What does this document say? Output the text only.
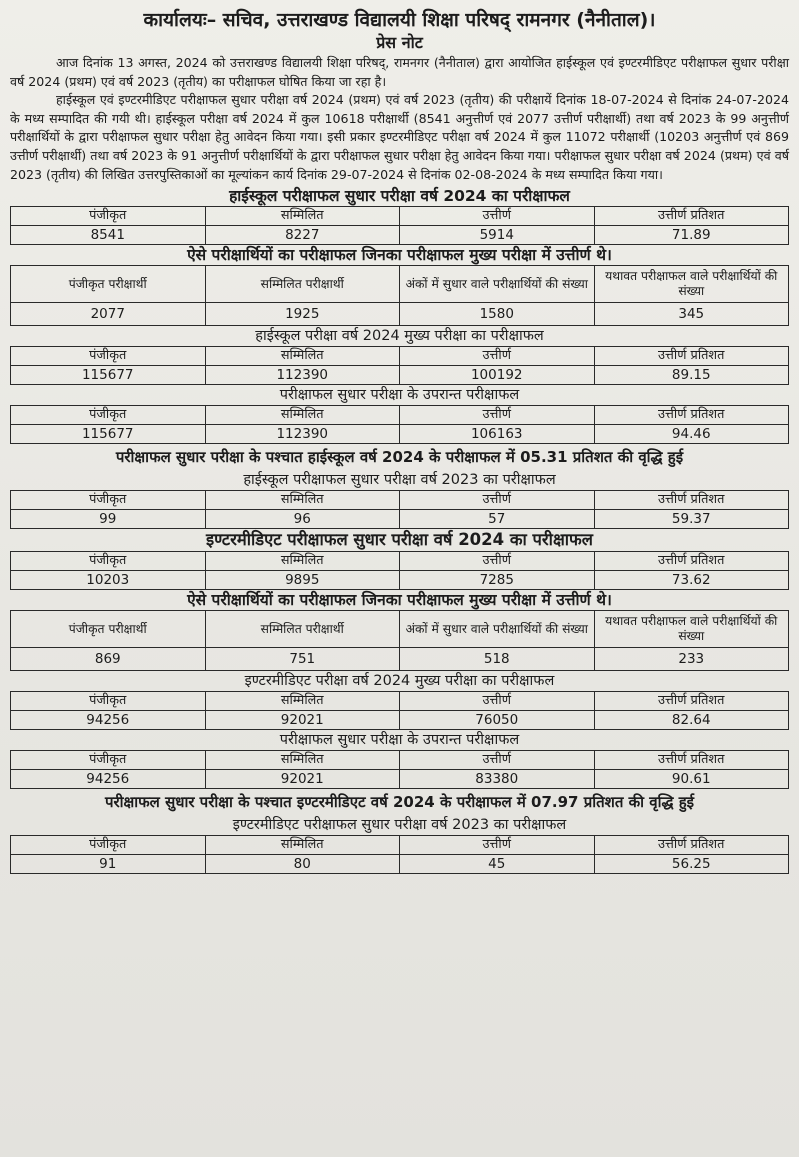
कार्यालयः– सचिव, उत्तराखण्ड विद्यालयी शिक्षा परिषद् रामनगर (नैनीताल)।

प्रेस नोट

आज दिनांक 13 अगस्त, 2024 को उत्तराखण्ड विद्यालयी शिक्षा परिषद्, रामनगर (नैनीताल) द्वारा आयोजित हाईस्कूल एवं इण्टरमीडिएट परीक्षाफल सुधार परीक्षा वर्ष 2024 (प्रथम) एवं वर्ष 2023 (तृतीय) का परीक्षाफल घोषित किया जा रहा है।

हाईस्कूल एवं इण्टरमीडिएट परीक्षाफल सुधार परीक्षा वर्ष 2024 (प्रथम) एवं वर्ष 2023 (तृतीय) की परीक्षायें दिनांक 18-07-2024 से दिनांक 24-07-2024 के मध्य सम्पादित की गयी थी। हाईस्कूल परीक्षा वर्ष 2024 में कुल 10618 परीक्षार्थी (8541 अनुत्तीर्ण एवं 2077 उत्तीर्ण परीक्षार्थी) तथा वर्ष 2023 के 99 अनुत्तीर्ण परीक्षार्थियों के द्वारा परीक्षाफल सुधार परीक्षा हेतु आवेदन किया गया। इसी प्रकार इण्टरमीडिएट परीक्षा वर्ष 2024 में कुल 11072 परीक्षार्थी (10203 अनुत्तीर्ण एवं 869 उत्तीर्ण परीक्षार्थी) तथा वर्ष 2023 के 91 अनुत्तीर्ण परीक्षार्थियों के द्वारा परीक्षाफल सुधार परीक्षा हेतु आवेदन किया गया। परीक्षाफल सुधार परीक्षा वर्ष 2024 (प्रथम) एवं वर्ष 2023 (तृतीय) की लिखित उत्तरपुस्तिकाओं का मूल्यांकन कार्य दिनांक 29-07-2024 से दिनांक 02-08-2024 के मध्य सम्पादित किया गया।

हाईस्कूल परीक्षाफल सुधार परीक्षा वर्ष 2024 का परीक्षाफल

पंजीकृत	सम्मिलित	उत्तीर्ण	उत्तीर्ण प्रतिशत
8541	8227	5914	71.89

ऐसे परीक्षार्थियों का परीक्षाफल जिनका परीक्षाफल मुख्य परीक्षा में उत्तीर्ण थे।

पंजीकृत परीक्षार्थी	सम्मिलित परीक्षार्थी	अंकों में सुधार वाले परीक्षार्थियों की संख्या	यथावत परीक्षाफल वाले परीक्षार्थियों की संख्या
2077	1925	1580	345

हाईस्कूल परीक्षा वर्ष 2024 मुख्य परीक्षा का परीक्षाफल

पंजीकृत	सम्मिलित	उत्तीर्ण	उत्तीर्ण प्रतिशत
115677	112390	100192	89.15

परीक्षाफल सुधार परीक्षा के उपरान्त परीक्षाफल

पंजीकृत	सम्मिलित	उत्तीर्ण	उत्तीर्ण प्रतिशत
115677	112390	106163	94.46

परीक्षाफल सुधार परीक्षा के पश्चात हाईस्कूल वर्ष 2024 के परीक्षाफल में 05.31 प्रतिशत की वृद्धि हुई

हाईस्कूल परीक्षाफल सुधार परीक्षा वर्ष 2023 का परीक्षाफल

पंजीकृत	सम्मिलित	उत्तीर्ण	उत्तीर्ण प्रतिशत
99	96	57	59.37

इण्टरमीडिएट परीक्षाफल सुधार परीक्षा वर्ष 2024 का परीक्षाफल

पंजीकृत	सम्मिलित	उत्तीर्ण	उत्तीर्ण प्रतिशत
10203	9895	7285	73.62

ऐसे परीक्षार्थियों का परीक्षाफल जिनका परीक्षाफल मुख्य परीक्षा में उत्तीर्ण थे।

पंजीकृत परीक्षार्थी	सम्मिलित परीक्षार्थी	अंकों में सुधार वाले परीक्षार्थियों की संख्या	यथावत परीक्षाफल वाले परीक्षार्थियों की संख्या
869	751	518	233

इण्टरमीडिएट परीक्षा वर्ष 2024 मुख्य परीक्षा का परीक्षाफल

पंजीकृत	सम्मिलित	उत्तीर्ण	उत्तीर्ण प्रतिशत
94256	92021	76050	82.64

परीक्षाफल सुधार परीक्षा के उपरान्त परीक्षाफल

पंजीकृत	सम्मिलित	उत्तीर्ण	उत्तीर्ण प्रतिशत
94256	92021	83380	90.61

परीक्षाफल सुधार परीक्षा के पश्चात इण्टरमीडिएट वर्ष 2024 के परीक्षाफल में 07.97 प्रतिशत की वृद्धि हुई

इण्टरमीडिएट परीक्षाफल सुधार परीक्षा वर्ष 2023 का परीक्षाफल

पंजीकृत	सम्मिलित	उत्तीर्ण	उत्तीर्ण प्रतिशत
91	80	45	56.25
